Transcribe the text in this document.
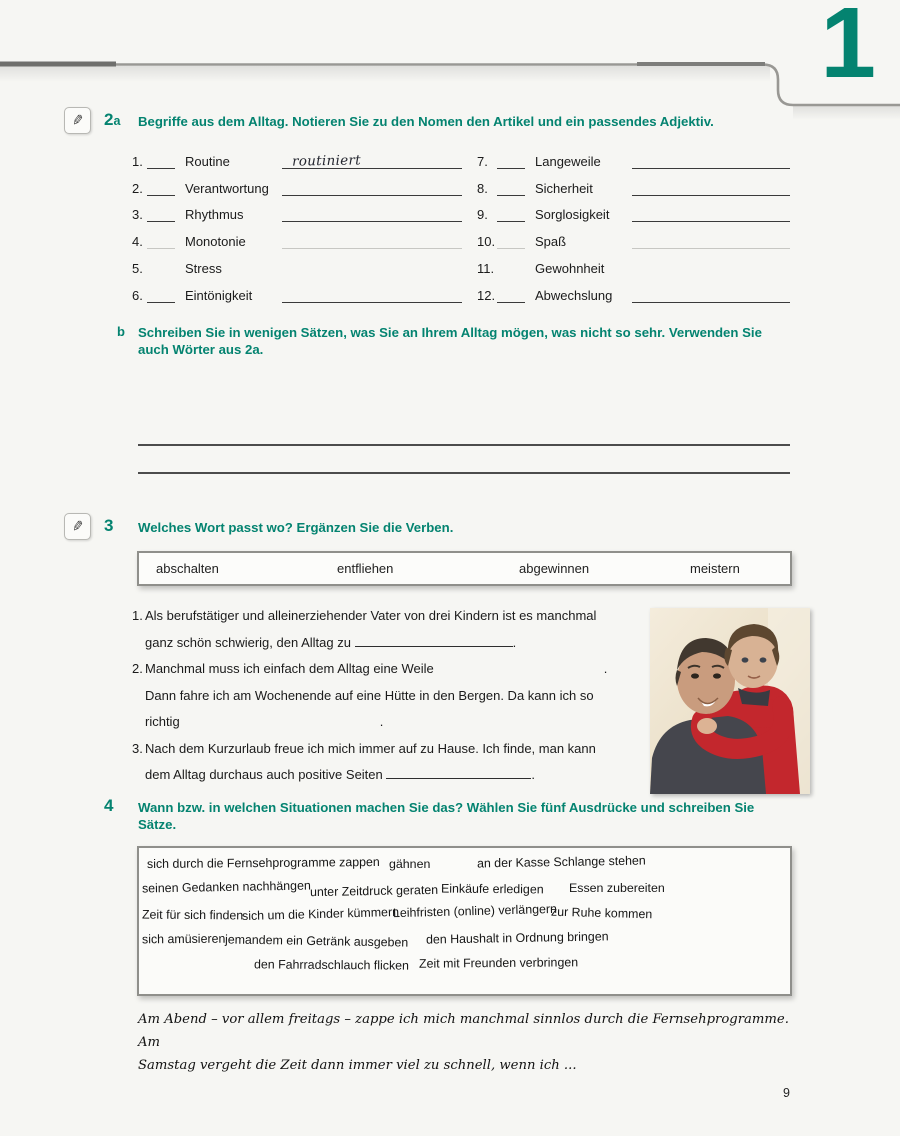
1
✎ 2a Begriffe aus dem Alltag. Notieren Sie zu den Nomen den Artikel und ein passendes Adjektiv.
1.	Routine	routiniert
2.	Verantwortung
3.	Rhythmus
4.	Monotonie
5.	Stress
6.	Eintönigkeit
7.	Langeweile
8.	Sicherheit
9.	Sorglosigkeit
10.	Spaß
11.	Gewohnheit
12.	Abwechslung
b Schreiben Sie in wenigen Sätzen, was Sie an Ihrem Alltag mögen, was nicht so sehr. Verwenden Sie
auch Wörter aus 2a.
✎ 3 Welches Wort passt wo? Ergänzen Sie die Verben.
abschalten	entfliehen	abgewinnen	meistern
1. Als berufstätiger und alleinerziehender Vater von drei Kindern ist es manchmal
ganz schön schwierig, den Alltag zu	.
2. Manchmal muss ich einfach dem Alltag eine Weile	.
Dann fahre ich am Wochenende auf eine Hütte in den Bergen. Da kann ich so
richtig	.
3. Nach dem Kurzurlaub freue ich mich immer auf zu Hause. Ich finde, man kann
dem Alltag durchaus auch positive Seiten	.
4 Wann bzw. in welchen Situationen machen Sie das? Wählen Sie fünf Ausdrücke und schreiben Sie
Sätze.
sich durch die Fernsehprogramme zappen gähnen	an der Kasse Schlange stehen
seinen Gedanken nachhängen
unter Zeitdruck geraten Einkäufe erledigen Essen zubereiten
Zeit für sich finden
sich um die Kinder kümmern
Leihfristen (online) verlängern
zur Ruhe kommen
sich amüsieren jemandem ein Getränk ausgeben den Haushalt in Ordnung bringen
den Fahrradschlauch flicken Zeit mit Freunden verbringen
Am Abend – vor allem freitags – zappe ich mich manchmal sinnlos durch die Fernsehprogramme. Am
Samstag vergeht die Zeit dann immer viel zu schnell, wenn ich ...
9
